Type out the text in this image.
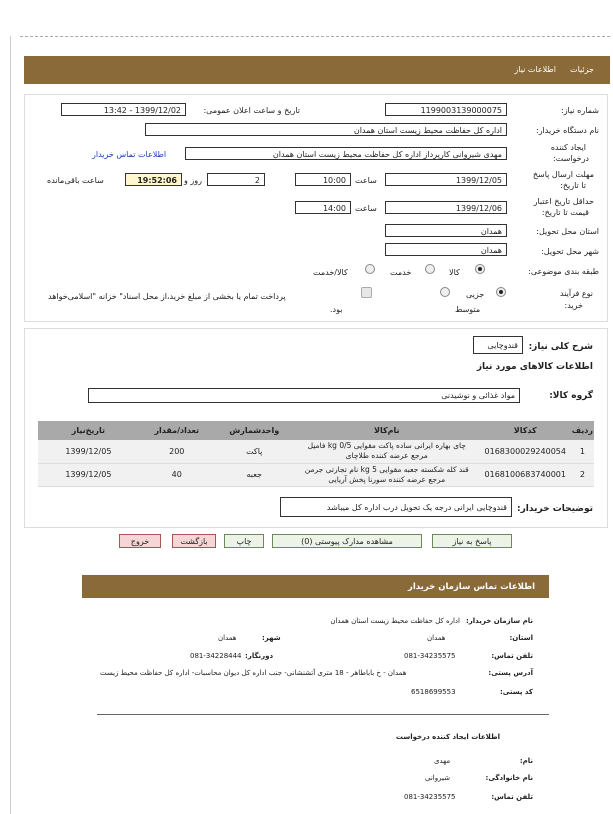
جزئیات
اطلاعات نیاز
شماره نیاز:
1199003139000075
تاریخ و ساعت اعلان عمومی:
1399/12/02 - 13:42
نام دستگاه خریدار:
اداره کل حفاظت محیط زیست استان همدان
ایجاد کننده
درخواست:
مهدی شیروانی کارپرداز اداره کل حفاظت محیط زیست استان همدان
اطلاعات تماس خریدار
مهلت ارسال پاسخ
تا تاریخ:
1399/12/05
ساعت
10:00
2
روز و
19:52:06
ساعت باقی‌مانده
حداقل تاریخ اعتبار
قیمت تا تاریخ:
1399/12/06
ساعت
14:00
استان محل تحویل:
همدان
شهر محل تحویل:
همدان
طبقه بندی موضوعی:
کالا
خدمت
کالا/خدمت
نوع فرآیند
خرید:
جزیی
متوسط
پرداخت تمام یا بخشی از مبلغ خرید،از محل اسناد" خزانه "اسلامی‌خواهد
بود.
شرح کلی نیاز:
قندوچایی
اطلاعات کالاهای مورد نیاز
گروه کالا:
مواد غذائی و نوشیدنی
ردیف	کدکالا	نام‌کالا	واحدشمارش	تعداد/مقدار	تاریخ‌نیاز
1	0168300029240054	چای بهاره ایرانی ساده پاکت مقوایی 0/5 kg فامیل
مرجع عرضه کننده طلاچای	پاکت	200	1399/12/05
2	0168100683740001	قند کله شکسته جعبه مقوایی 5 kg نام تجارتی جرمن
مرجع عرضه کننده سورنا پخش آریایی	جعبه	40	1399/12/05
توضیحات خریدار:
قندوچایی ایرانی درجه یک تحویل درب اداره کل میباشد
پاسخ به نیاز
مشاهده مدارک پیوستی (0)
چاپ
بازگشت
خروج
اطلاعات تماس سازمان خریدار
نام سازمان خریدار:
اداره کل حفاظت محیط زیست استان همدان
استان:
همدان
شهر:
همدان
تلفن تماس:
081-34235575
دورنگار:
081-34228444
آدرس پستی:
همدان - خ باباطاهر - 18 متری آتشنشانی- جنب اداره کل دیوان محاسبات- اداره کل حفاظت محیط زیست
کد پستی:
6518699553
اطلاعات ایجاد کننده درخواست
نام:
مهدی
نام خانوادگی:
شیروانی
تلفن تماس:
081-34235575
